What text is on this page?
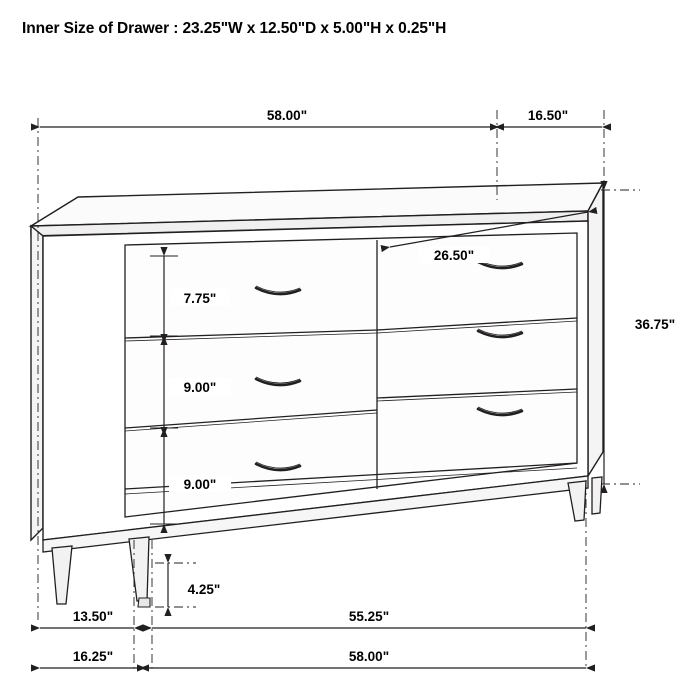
Inner Size of Drawer : 23.25"W x 12.50"D x 5.00"H x 0.25"H
58.00"	16.50"
26.50"
7.75"
9.00"
9.00"
36.75"
4.25"
13.50"	55.25"
16.25"	58.00"
